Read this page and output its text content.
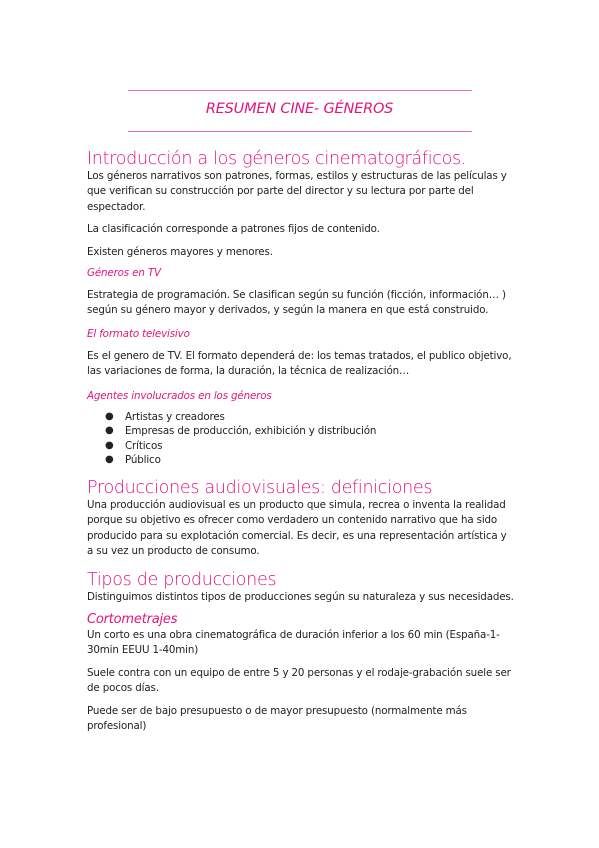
RESUMEN CINE- GÉNEROS
Introducción a los géneros cinematográficos.

Los géneros narrativos son patrones, formas, estilos y estructuras de las películas y que verifican su construcción por parte del director y su lectura por parte del espectador.

La clasificación corresponde a patrones fijos de contenido.

Existen géneros mayores y menores.

Géneros en TV

Estrategia de programación. Se clasifican según su función (ficción, información… ) según su género mayor y derivados, y según la manera en que está construido.

El formato televisivo

Es el genero de TV. El formato dependerá de: los temas tratados, el publico objetivo, las variaciones de forma, la duración, la técnica de realización…

Agentes involucrados en los géneros
● Artistas y creadores
● Empresas de producción, exhibición y distribución
● Críticos
● Público
Producciones audiovisuales: definiciones

Una producción audiovisual es un producto que simula, recrea o inventa la realidad porque su objetivo es ofrecer como verdadero un contenido narrativo que ha sido producido para su explotación comercial. Es decir, es una representación artística y a su vez un producto de consumo.

Tipos de producciones

Distinguimos distintos tipos de producciones según su naturaleza y sus necesidades.

Cortometrajes

Un corto es una obra cinematográfica de duración inferior a los 60 min (España-1-30min EEUU 1-40min)

Suele contra con un equipo de entre 5 y 20 personas y el rodaje-grabación suele ser de pocos días.

Puede ser de bajo presupuesto o de mayor presupuesto (normalmente más profesional)
